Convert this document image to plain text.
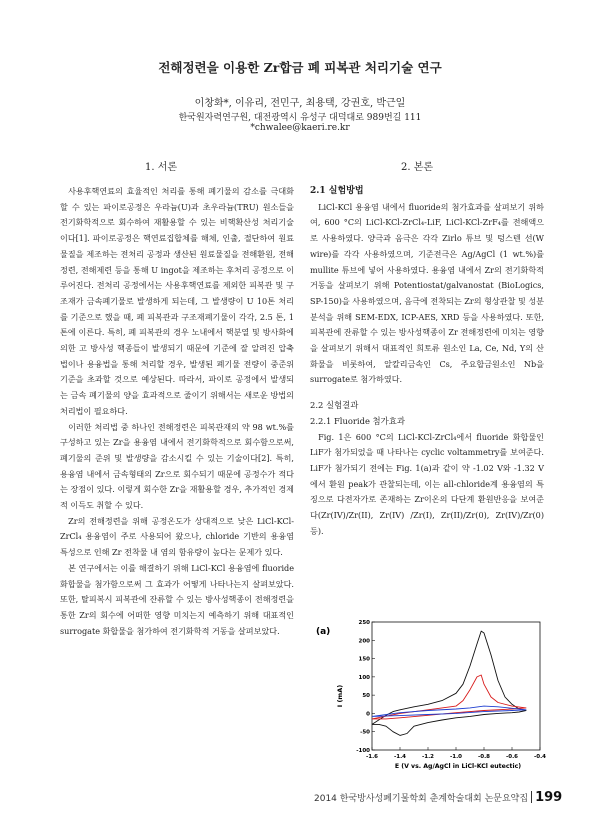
전해정련을 이용한 Zr합금 폐 피복관 처리기술 연구
이창화*, 이유리, 전민구, 최용택, 강권호, 박근일
한국원자력연구원, 대전광역시 유성구 대덕대로 989번길 111
*chwalee@kaeri.re.kr
1. 서론	2. 본론

사용후핵연료의 효율적인 처리를 통해 폐기물의 감소를 극대화할 수 있는 파이로공정은 우라늄(U)과 초우라늄(TRU) 원소들을 전기화학적으로 회수하여 재활용할 수 있는 비핵확산성 처리기술이다[1]. 파이로공정은 핵연료집합체를 해체, 인출, 절단하여 원료물질을 제조하는 전처리 공정과 생산된 원료물질을 전해환원, 전해정련, 전해제련 등을 통해 U ingot을 제조하는 후처리 공정으로 이루어진다. 전처리 공정에서는 사용후핵연료를 제외한 피복관 및 구조재가 금속폐기물로 발생하게 되는데, 그 발생량이 U 10톤 처리를 기준으로 했을 때, 폐 피복관과 구조재폐기물이 각각, 2.5 톤, 1톤에 이른다. 특히, 폐 피복관의 경우 노내에서 핵분열 및 방사화에 의한 고 방사성 핵종들이 발생되기 때문에 기준에 잘 알려진 압축법이나 용융법을 통해 처리할 경우, 발생된 폐기물 전량이 중준위 기준을 초과할 것으로 예상된다. 따라서, 파이로 공정에서 발생되는 금속 폐기물의 양을 효과적으로 줄이기 위해서는 새로운 방법의 처리법이 필요하다.

이러한 처리법 중 하나인 전해정련은 피복관재의 약 98 wt.%를 구성하고 있는 Zr을 용융염 내에서 전기화학적으로 회수함으로써, 폐기물의 준위 및 발생량을 감소시킬 수 있는 기술이다[2]. 특히, 용융염 내에서 금속형태의 Zr으로 회수되기 때문에 공정수가 적다는 장점이 있다. 이렇게 회수한 Zr을 재활용할 경우, 추가적인 경제적 이득도 취할 수 있다.

Zr의 전해정련을 위해 공정온도가 상대적으로 낮은 LiCl-KCl-ZrCl₄ 용융염이 주로 사용되어 왔으나, chloride 기반의 용융염 특성으로 인해 Zr 전착물 내 염의 함유량이 높다는 문제가 있다.

본 연구에서는 이를 해결하기 위해 LiCl-KCl 용융염에 fluoride 화합물을 첨가함으로써 그 효과가 어떻게 나타나는지 살펴보았다. 또한, 탈피복시 피복관에 잔류할 수 있는 방사성핵종이 전해정련을 통한 Zr의 회수에 어떠한 영향 미치는지 예측하기 위해 대표적인 surrogate 화합물을 첨가하여 전기화학적 거동을 살펴보았다.

2.1 실험방법

LiCl-KCl 용융염 내에서 fluoride의 첨가효과를 살펴보기 위하여, 600 °C의 LiCl-KCl-ZrCl₄-LiF, LiCl-KCl-ZrF₄를 전해액으로 사용하였다. 양극과 음극은 각각 Zirlo 튜브 및 텅스텐 선(W wire)를 각각 사용하였으며, 기준전극은 Ag/AgCl (1 wt.%)를 mullite 튜브에 넣어 사용하였다. 용융염 내에서 Zr의 전기화학적 거동을 살펴보기 위해 Potentiostat/galvanostat (BioLogics, SP-150)을 사용하였으며, 음극에 전착되는 Zr의 형상관찰 및 성분 분석을 위해 SEM-EDX, ICP-AES, XRD 등을 사용하였다. 또한, 피복관에 잔류할 수 있는 방사성핵종이 Zr 전해정련에 미치는 영향을 살펴보기 위해서 대표적인 희토류 원소인 La, Ce, Nd, Y의 산화물을 비롯하여, 알칼리금속인 Cs, 주요합금원소인 Nb을 surrogate로 첨가하였다.

2.2 실험결과
2.2.1 Fluoride 첨가효과

Fig. 1은 600 °C의 LiCl-KCl-ZrCl₄에서 fluoride 화합물인 LiF가 첨가되었을 때 나타나는 cyclic voltammetry를 보여준다. LiF가 첨가되기 전에는 Fig. 1(a)과 같이 약 -1.02 V와 -1.32 V에서 환원 peak가 관찰되는데, 이는 all-chloride계 용융염의 특징으로 다전자가로 존재하는 Zr이온의 다단계 환원반응을 보여준다(Zr(IV)/Zr(II), Zr(IV) /Zr(I), Zr(II)/Zr(0), Zr(IV)/Zr(0) 등).

(a)
-1.6	-1.4	-1.2	-1.0	-0.8	-0.6	-0.4
-100
-50
0
50
100
150
200
250
I (mA)
E (V vs. Ag/AgCl in LiCl-KCl eutectic)
2014 한국방사성폐기물학회 춘계학술대회 논문요약집 199
